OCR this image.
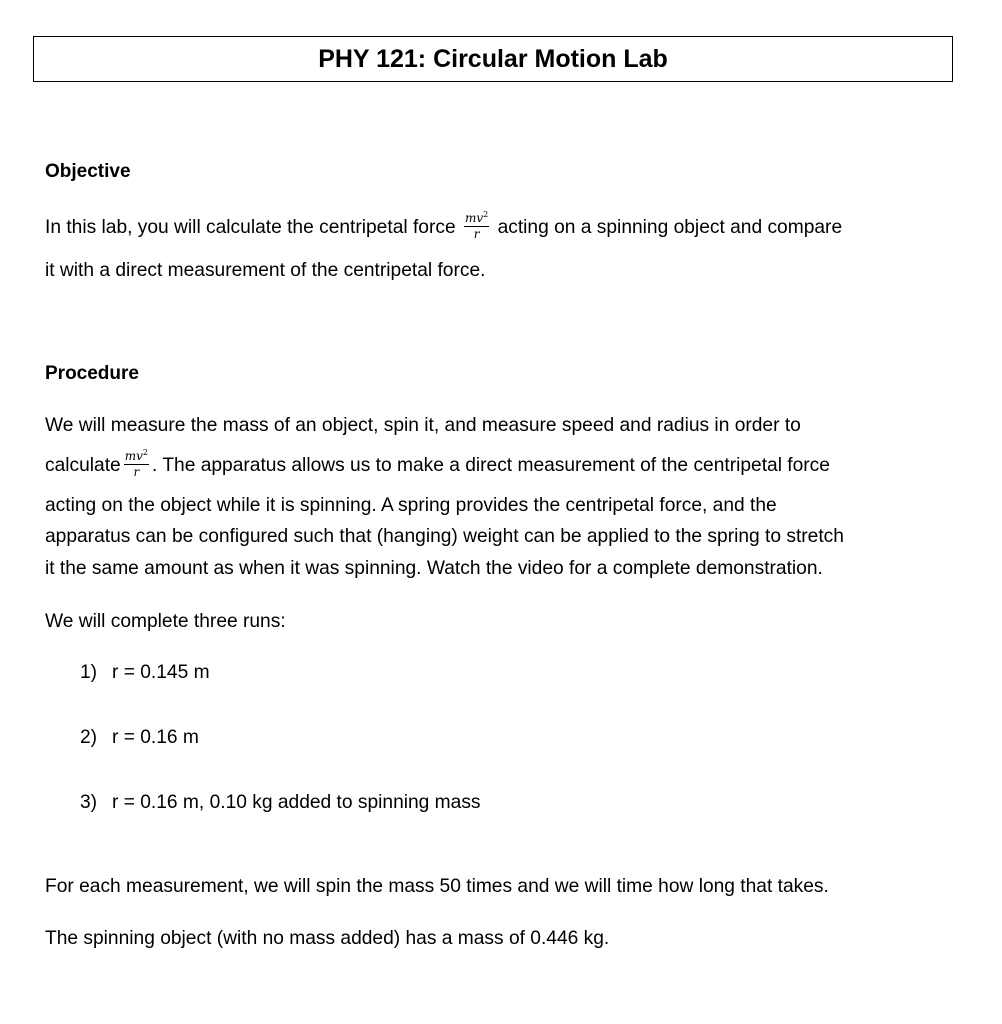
PHY 121: Circular Motion Lab
Objective
In this lab, you will calculate the centripetal force $\frac{mv^2}{r}$ acting on a spinning object and compare
it with a direct measurement of the centripetal force.
Procedure
We will measure the mass of an object, spin it, and measure speed and radius in order to
calculate $\frac{mv^2}{r}$ . The apparatus allows us to make a direct measurement of the centripetal force
acting on the object while it is spinning. A spring provides the centripetal force, and the
apparatus can be configured such that (hanging) weight can be applied to the spring to stretch
it the same amount as when it was spinning. Watch the video for a complete demonstration.
We will complete three runs:
1) r = 0.145 m
2) r = 0.16 m
3) r = 0.16 m, 0.10 kg added to spinning mass
For each measurement, we will spin the mass 50 times and we will time how long that takes.
The spinning object (with no mass added) has a mass of 0.446 kg.
